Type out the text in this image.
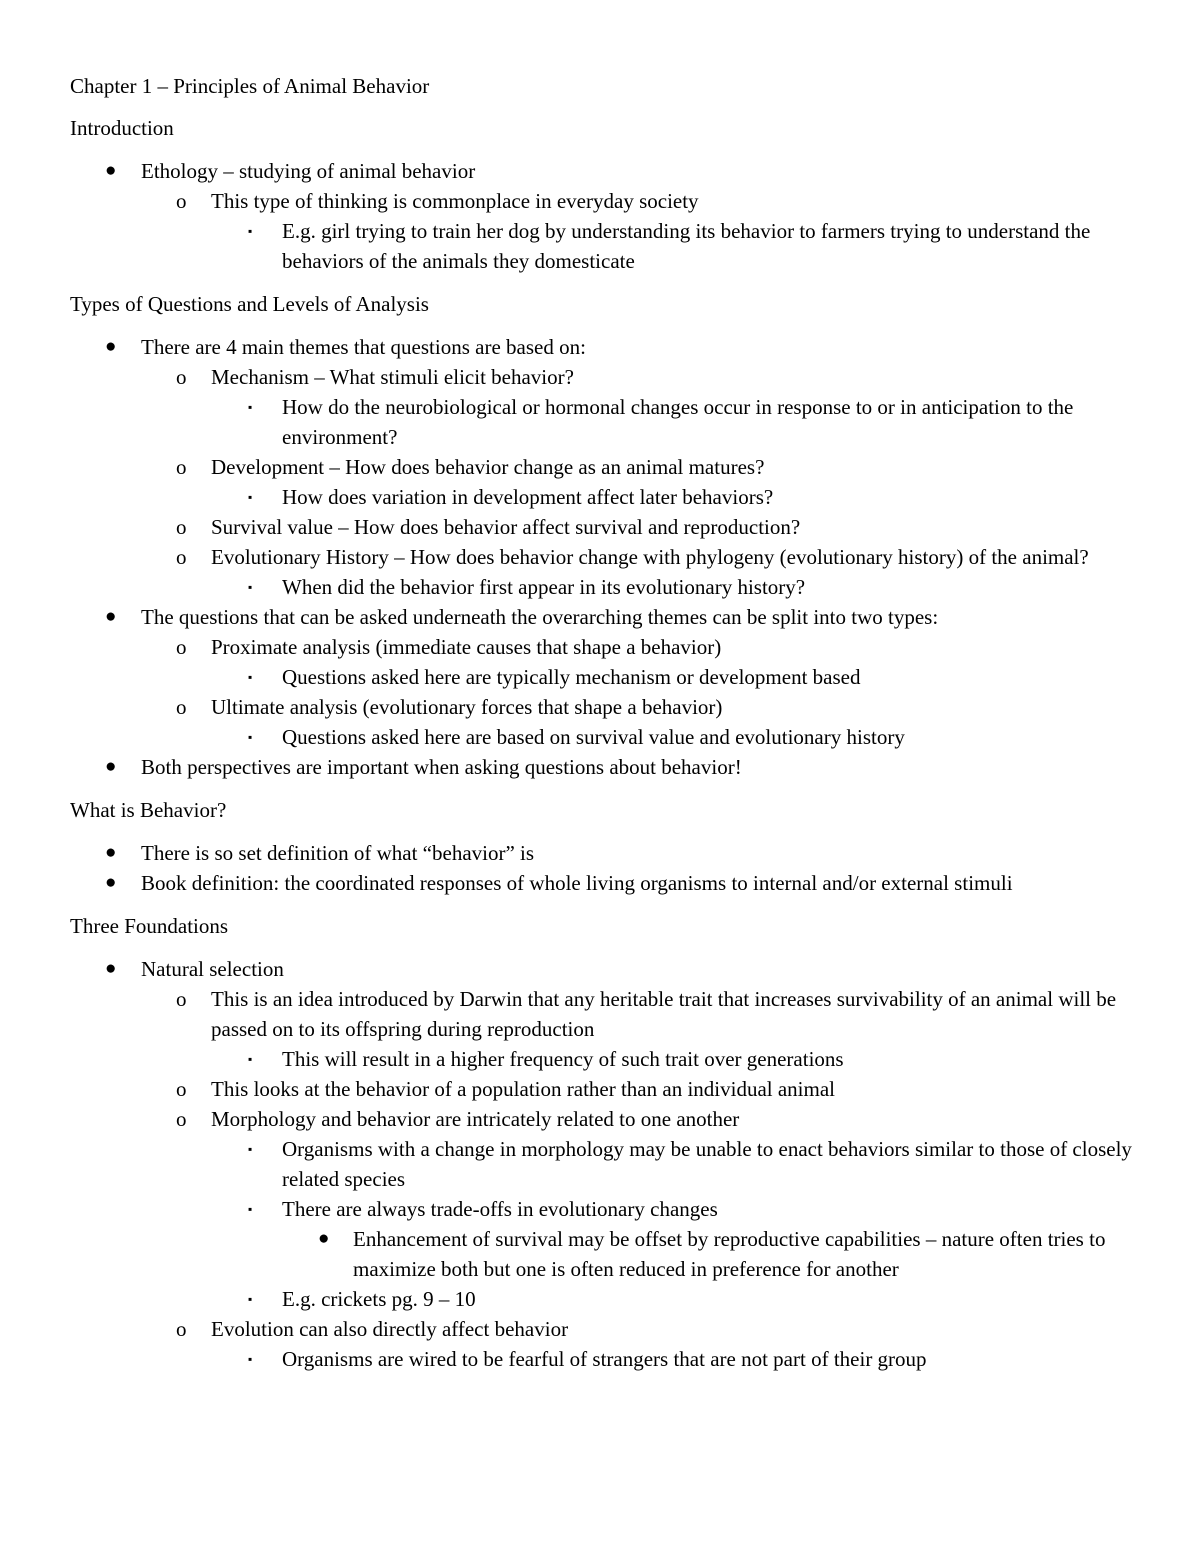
Chapter 1 – Principles of Animal Behavior
Introduction
● Ethology – studying of animal behavior
o This type of thinking is commonplace in everyday society
▪ E.g. girl trying to train her dog by understanding its behavior to farmers trying to understand the behaviors of the animals they domesticate
Types of Questions and Levels of Analysis
● There are 4 main themes that questions are based on:
o Mechanism – What stimuli elicit behavior?
▪ How do the neurobiological or hormonal changes occur in response to or in anticipation to the environment?
o Development – How does behavior change as an animal matures?
▪ How does variation in development affect later behaviors?
o Survival value – How does behavior affect survival and reproduction?
o Evolutionary History – How does behavior change with phylogeny (evolutionary history) of the animal?
▪ When did the behavior first appear in its evolutionary history?
● The questions that can be asked underneath the overarching themes can be split into two types:
o Proximate analysis (immediate causes that shape a behavior)
▪ Questions asked here are typically mechanism or development based
o Ultimate analysis (evolutionary forces that shape a behavior)
▪ Questions asked here are based on survival value and evolutionary history
● Both perspectives are important when asking questions about behavior!
What is Behavior?
● There is so set definition of what “behavior” is
● Book definition: the coordinated responses of whole living organisms to internal and/or external stimuli
Three Foundations
● Natural selection
o This is an idea introduced by Darwin that any heritable trait that increases survivability of an animal will be passed on to its offspring during reproduction
▪ This will result in a higher frequency of such trait over generations
o This looks at the behavior of a population rather than an individual animal
o Morphology and behavior are intricately related to one another
▪ Organisms with a change in morphology may be unable to enact behaviors similar to those of closely related species
▪ There are always trade-offs in evolutionary changes
● Enhancement of survival may be offset by reproductive capabilities – nature often tries to maximize both but one is often reduced in preference for another
▪ E.g. crickets pg. 9 – 10
o Evolution can also directly affect behavior
▪ Organisms are wired to be fearful of strangers that are not part of their group
